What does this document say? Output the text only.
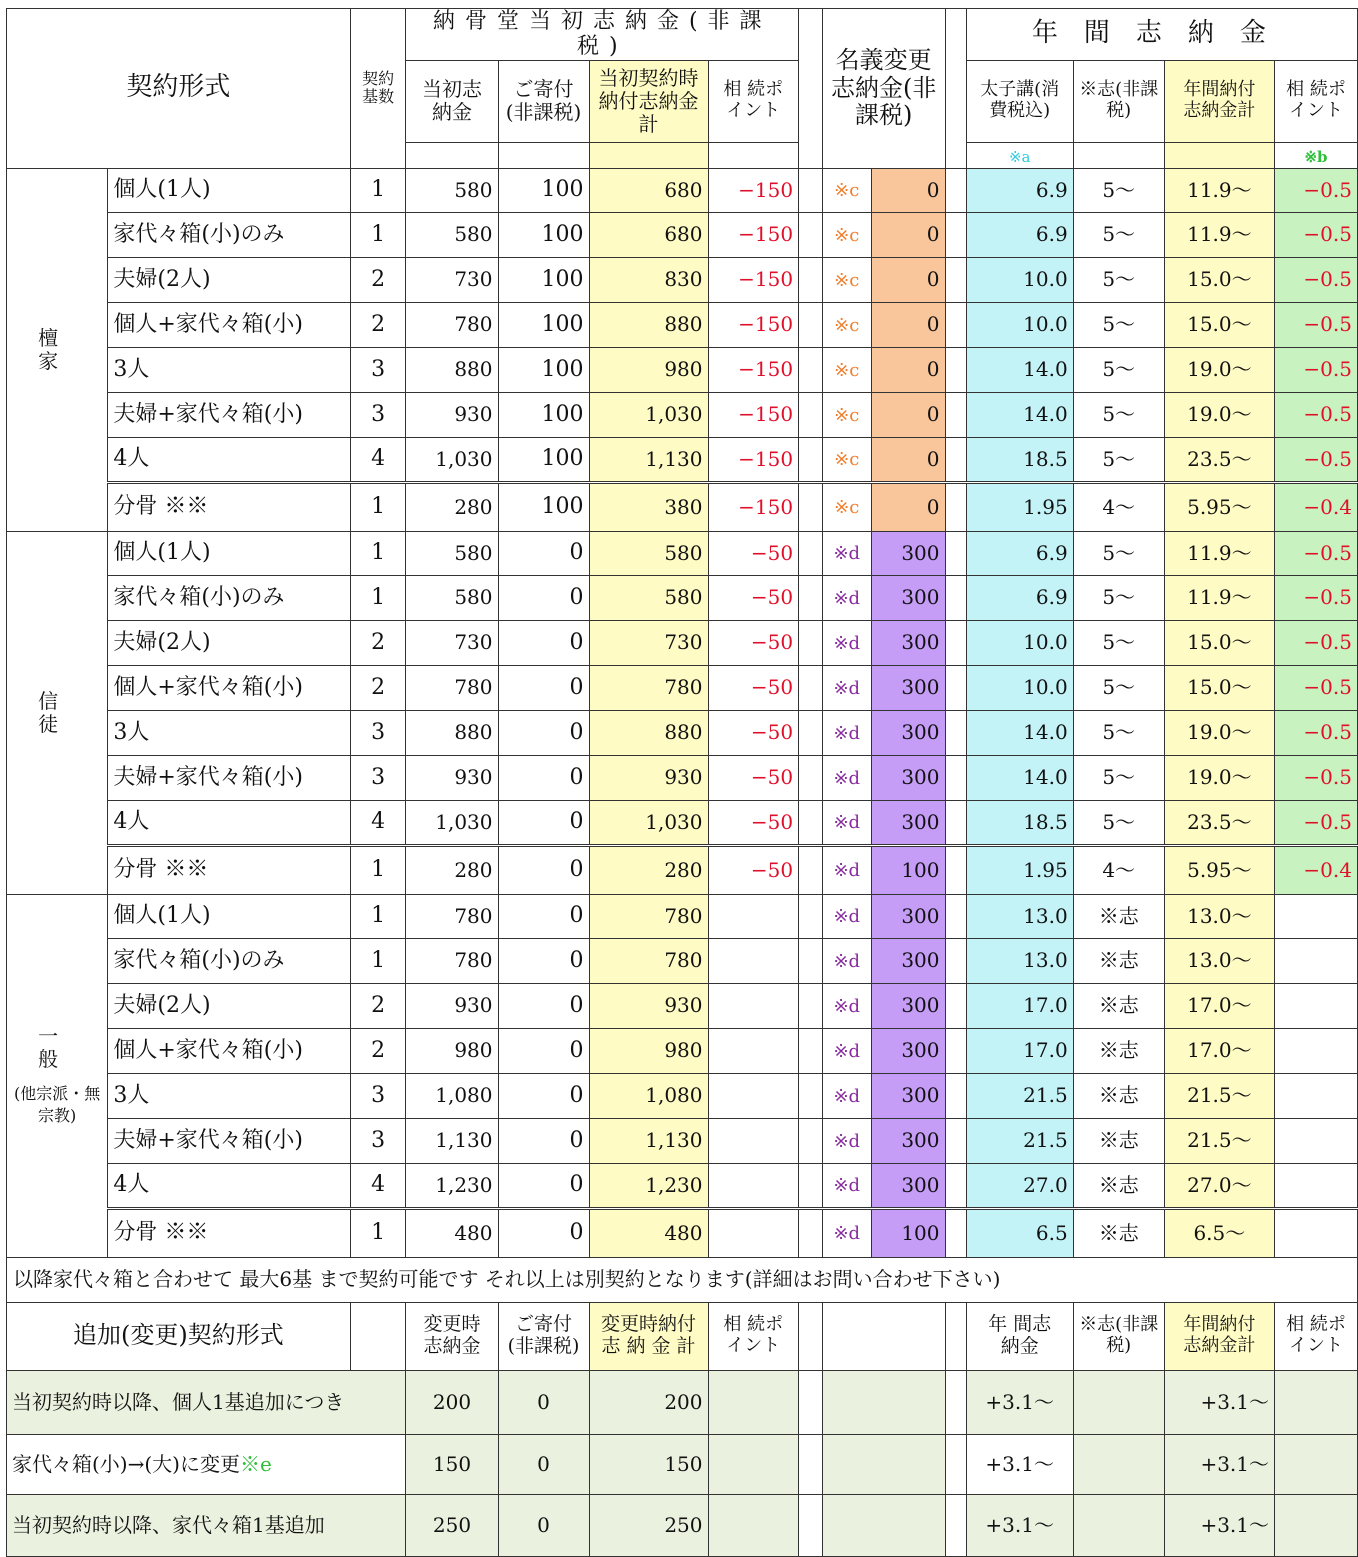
契約形式		契約基数	納骨堂当初志納金(非課税)					名義変更志納金(非課税)			年間志納金			
			当初志納金	ご寄付(非課税)	当初契約時納付志納金計	相 続ポイント					太子講(消費税込)	※志(非課税)	年間納付志納金計	相 続ポイント
											※a			※b
檀 家	個人(1人)	1	580	100	680	−150		※c	0		6.9	5〜	11.9〜	−0.5
	家代々箱(小)のみ	1	580	100	680	−150		※c	0		6.9	5〜	11.9〜	−0.5
	夫婦(2人)	2	730	100	830	−150		※c	0		10.0	5〜	15.0〜	−0.5
	個人+家代々箱(小)	2	780	100	880	−150		※c	0		10.0	5〜	15.0〜	−0.5
	3人	3	880	100	980	−150		※c	0		14.0	5〜	19.0〜	−0.5
	夫婦+家代々箱(小)	3	930	100	1,030	−150		※c	0		14.0	5〜	19.0〜	−0.5
	4人	4	1,030	100	1,130	−150		※c	0		18.5	5〜	23.5〜	−0.5
	分骨 ※※	1	280	100	380	−150		※c	0		1.95	4〜	5.95〜	−0.4
信 徒	個人(1人)	1	580	0	580	−50		※d	300		6.9	5〜	11.9〜	−0.5
	家代々箱(小)のみ	1	580	0	580	−50		※d	300		6.9	5〜	11.9〜	−0.5
	夫婦(2人)	2	730	0	730	−50		※d	300		10.0	5〜	15.0〜	−0.5
	個人+家代々箱(小)	2	780	0	780	−50		※d	300		10.0	5〜	15.0〜	−0.5
	3人	3	880	0	880	−50		※d	300		14.0	5〜	19.0〜	−0.5
	夫婦+家代々箱(小)	3	930	0	930	−50		※d	300		14.0	5〜	19.0〜	−0.5
	4人	4	1,030	0	1,030	−50		※d	300		18.5	5〜	23.5〜	−0.5
	分骨 ※※	1	280	0	280	−50		※d	100		1.95	4〜	5.95〜	−0.4
一 般
(他宗派・無宗教)	個人(1人)	1	780	0	780			※d	300		13.0	※志	13.0〜	
	家代々箱(小)のみ	1	780	0	780			※d	300		13.0	※志	13.0〜	
	夫婦(2人)	2	930	0	930			※d	300		17.0	※志	17.0〜	
	個人+家代々箱(小)	2	980	0	980			※d	300		17.0	※志	17.0〜	
	3人	3	1,080	0	1,080			※d	300		21.5	※志	21.5〜	
	夫婦+家代々箱(小)	3	1,130	0	1,130			※d	300		21.5	※志	21.5〜	
	4人	4	1,230	0	1,230			※d	300		27.0	※志	27.0〜	
	分骨 ※※	1	480	0	480			※d	100		6.5	※志	6.5〜	
以降家代々箱と合わせて 最大6基 まで契約可能です それ以上は別契約となります(詳細はお問い合わせ下さい)														
追加(変更)契約形式			変更時志納金	ご寄付(非課税)	変更時納付志 納 金 計	相 続ポイント					年 間志納金	※志(非課税)	年間納付志納金計	相 続ポイント
当初契約時以降、個人1基追加につき			200	0	200						+3.1〜		+3.1〜	
家代々箱(小)→(大)に変更※e			150	0	150						+3.1〜		+3.1〜	
当初契約時以降、家代々箱1基追加			250	0	250						+3.1〜		+3.1〜	
